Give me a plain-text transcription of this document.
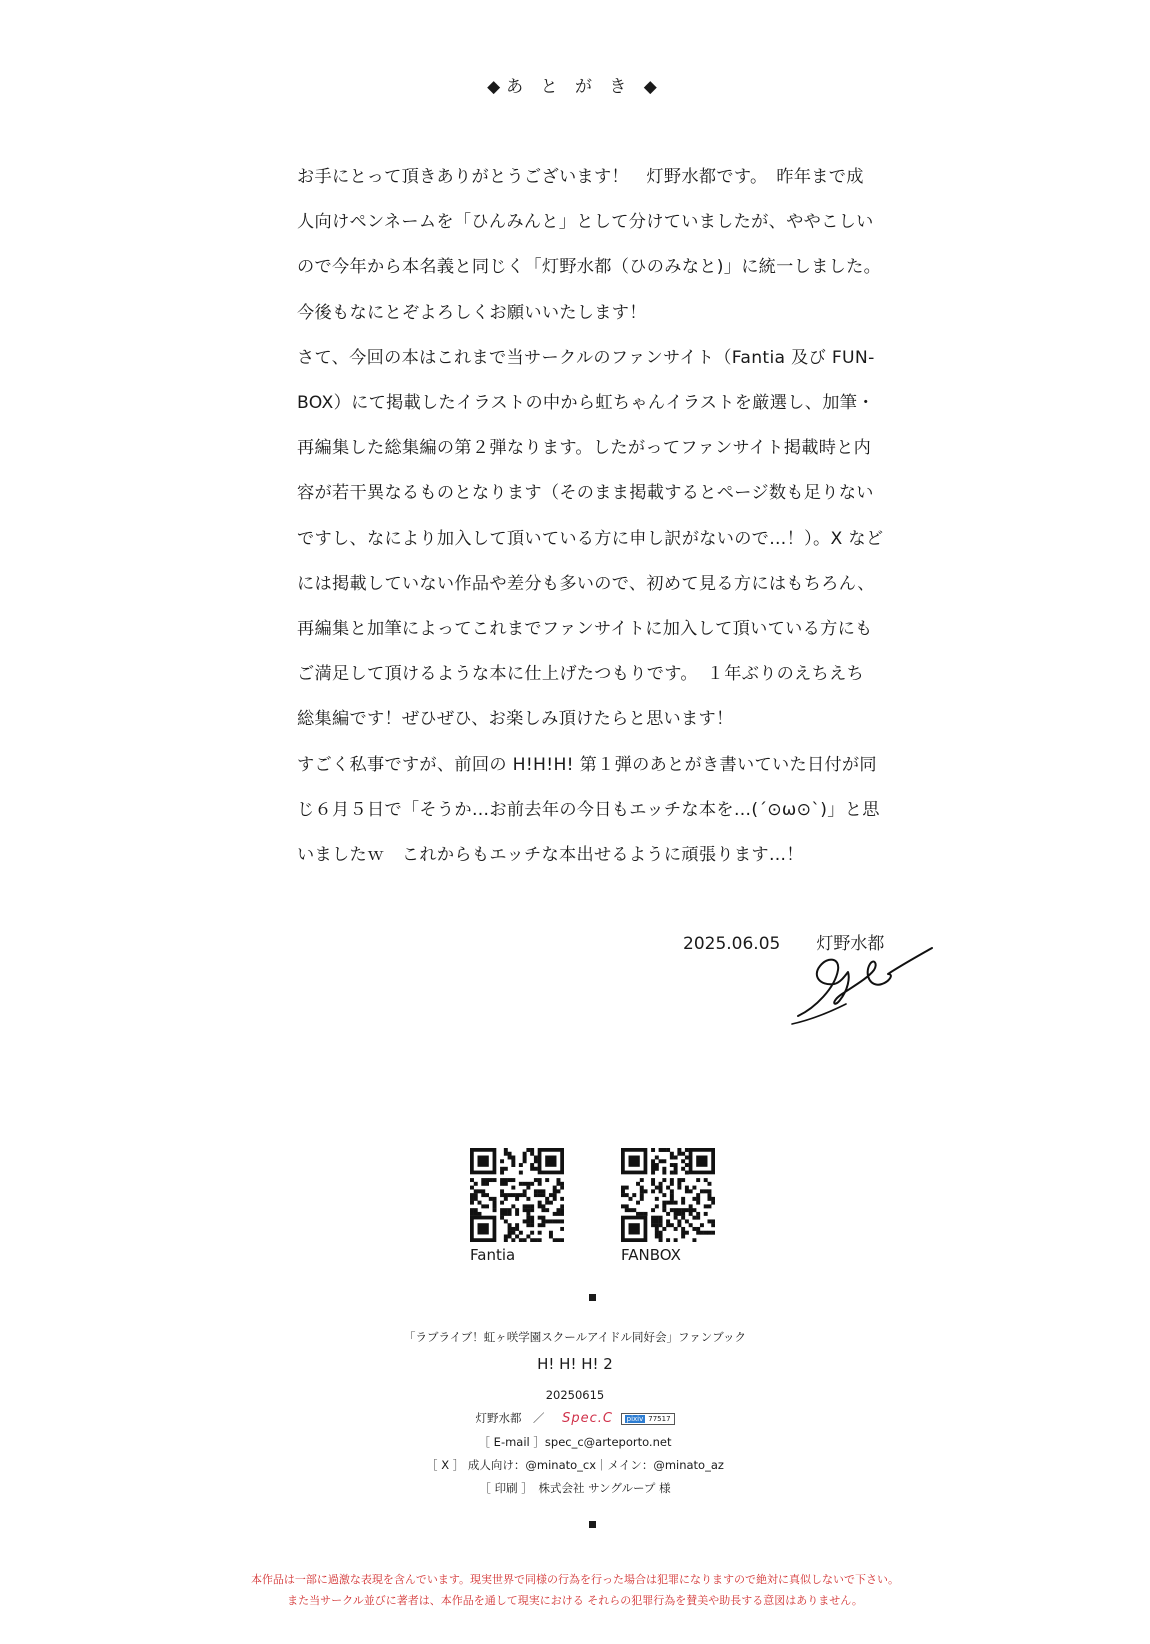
◆あ と が き ◆
お手にとって頂きありがとうございます！　灯野水都です。　昨年まで成
人向けペンネームを「ひんみんと」として分けていましたが、ややこしい
ので今年から本名義と同じく「灯野水都（ひのみなと)」に統一しました。
今後もなにとぞよろしくお願いいたします！
さて、今回の本はこれまで当サークルのファンサイト（Fantia 及び FUN-
BOX）にて掲載したイラストの中から虹ちゃんイラストを厳選し、加筆・
再編集した総集編の第２弾なります。したがってファンサイト掲載時と内
容が若干異なるものとなります（そのまま掲載するとページ数も足りない
ですし、なにより加入して頂いている方に申し訳がないので…！）。X など
には掲載していない作品や差分も多いので、初めて見る方にはもちろん、
再編集と加筆によってこれまでファンサイトに加入して頂いている方にも
ご満足して頂けるような本に仕上げたつもりです。　１年ぶりのえちえち
総集編です！ぜひぜひ、お楽しみ頂けたらと思います！
すごく私事ですが、前回の H!H!H! 第１弾のあとがき書いていた日付が同
じ６月５日で「そうか…お前去年の今日もエッチな本を…(´⊙ω⊙`)」と思
いましたｗ　これからもエッチな本出せるように頑張ります…！
2025.06.05 灯野水都
Fantia	FANBOX
「ラブライブ！虹ヶ咲学園スクールアイドル同好会」ファンブック
H! H! H! 2
20250615
灯野水都　／ Spec.C pixiv 77517
［ E-mail ］spec_c@arteporto.net
［ X ］ 成人向け：@minato_cx｜メイン：@minato_az
［ 印刷 ］　株式会社 サングループ 様
本作品は一部に過激な表現を含んでいます。現実世界で同様の行為を行った場合は犯罪になりますので絶対に真似しないで下さい。
また当サークル並びに著者は、本作品を通して現実における それらの犯罪行為を賛美や助長する意図はありません。
